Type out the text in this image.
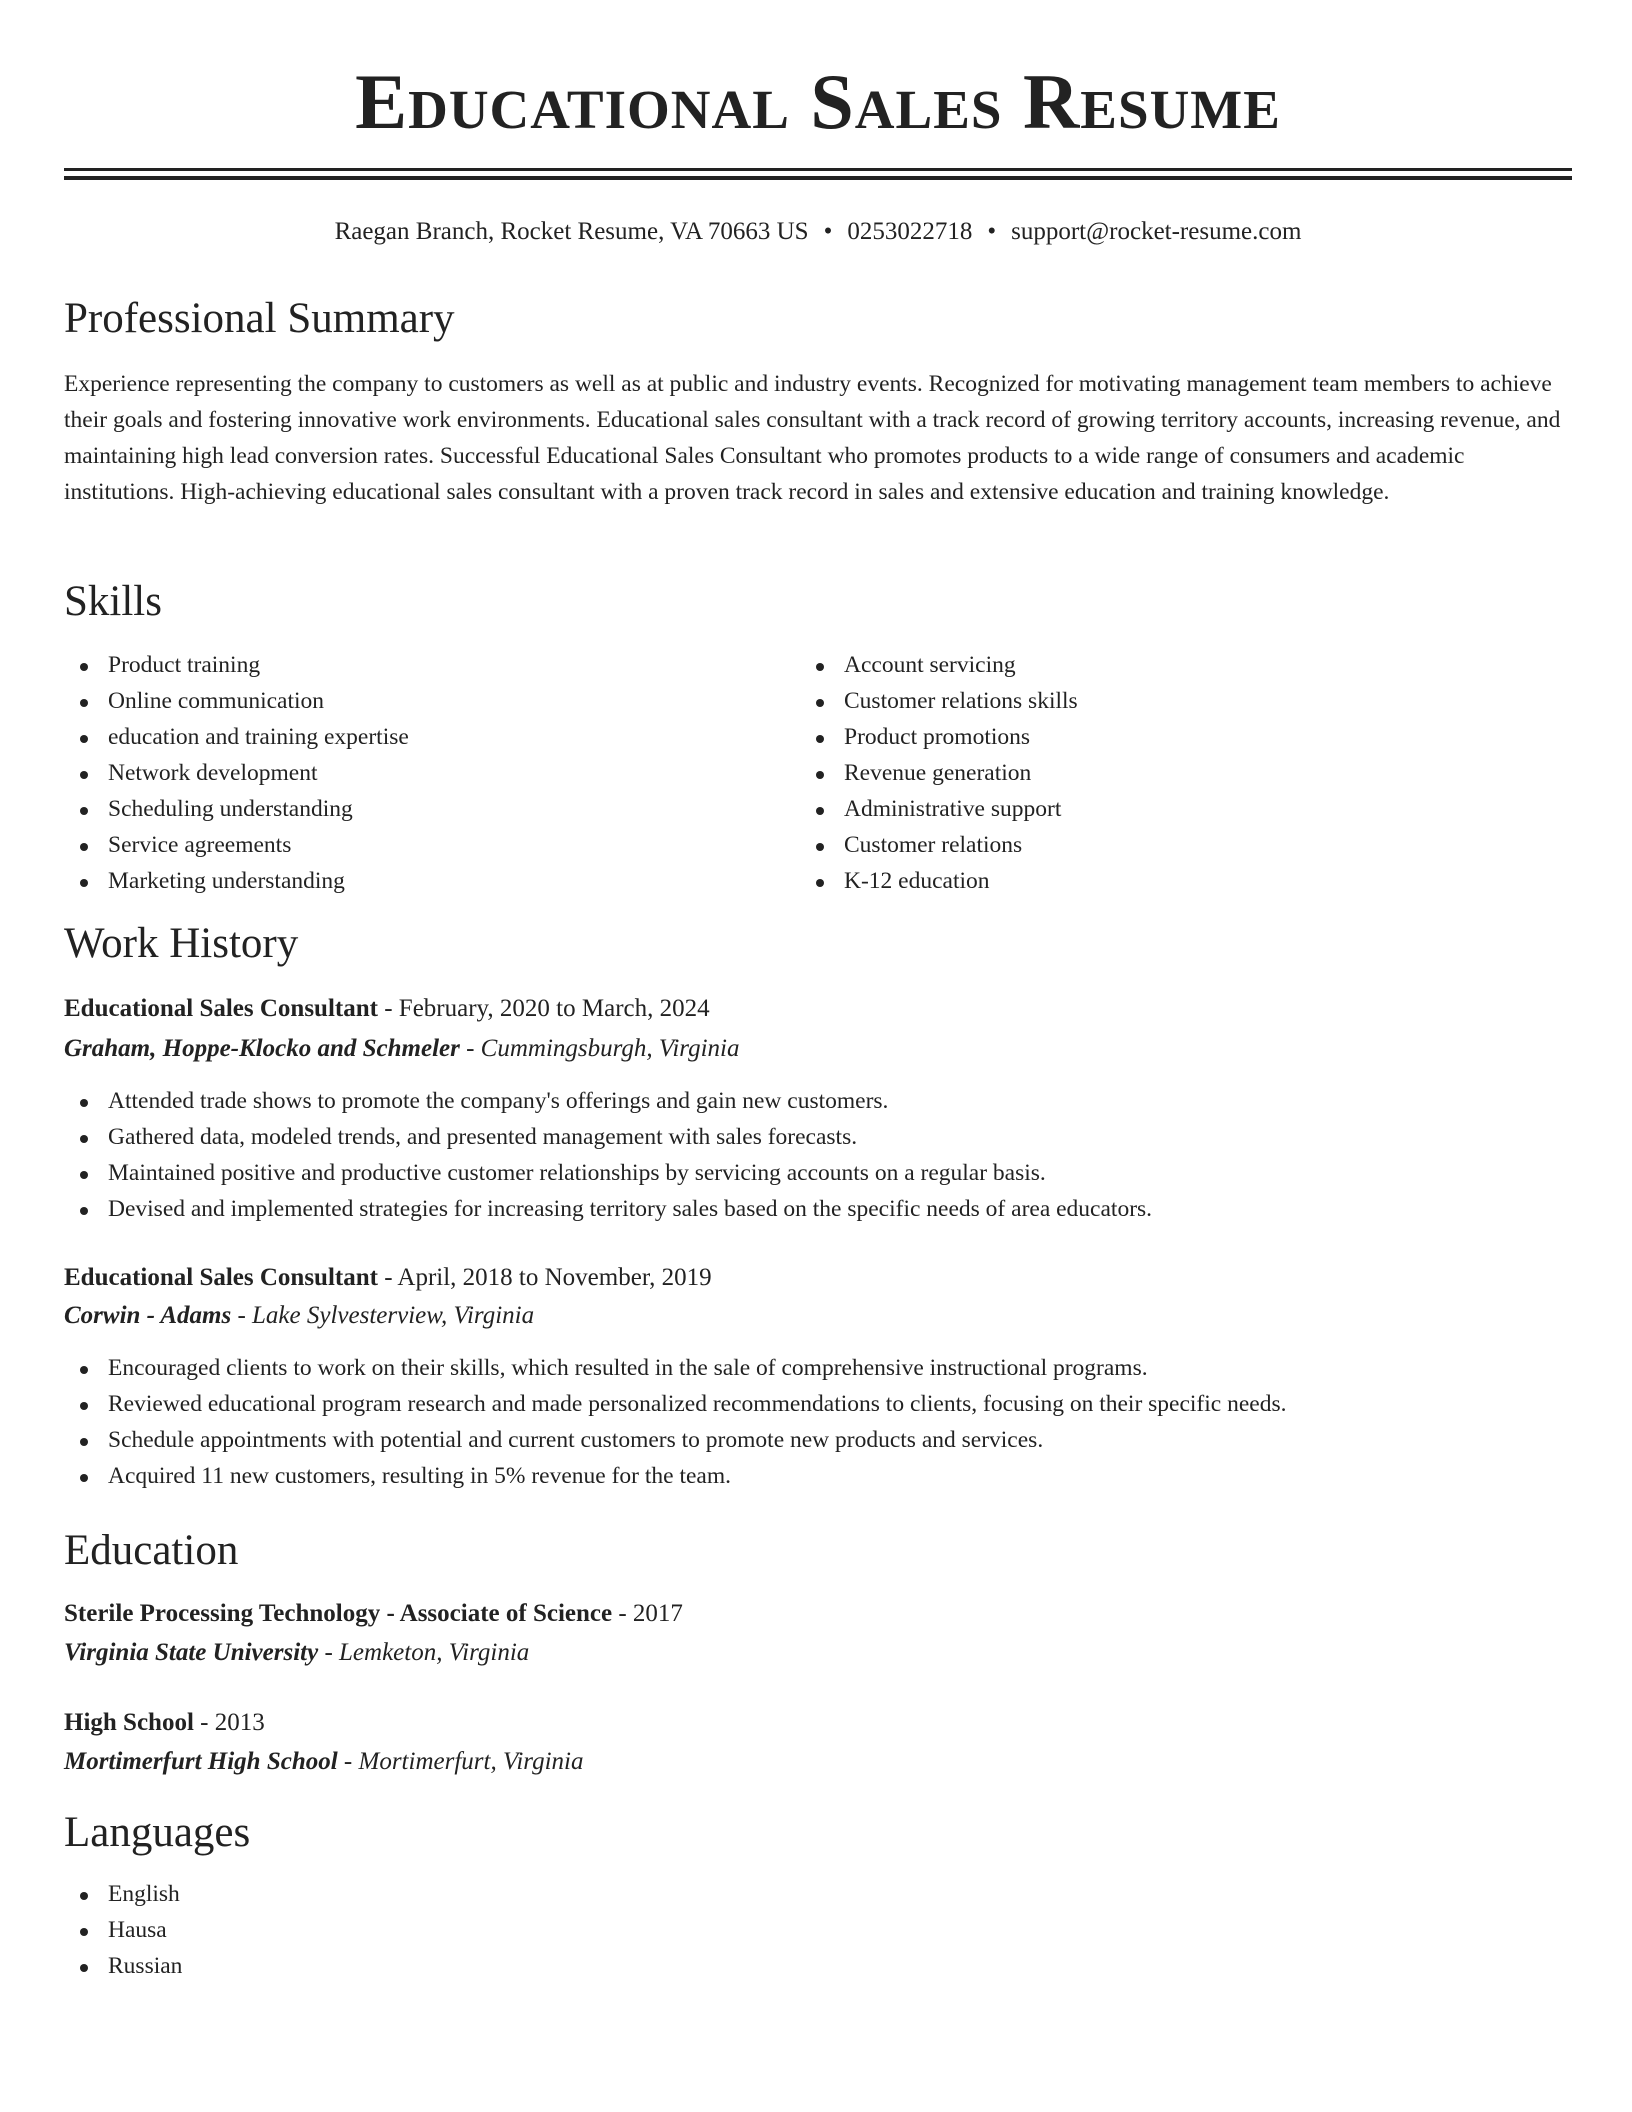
Educational Sales Resume
Raegan Branch, Rocket Resume, VA 70663 US • 0253022718 • support@rocket-resume.com
Professional Summary

Experience representing the company to customers as well as at public and industry events. Recognized for motivating management team members to achieve their goals and fostering innovative work environments. Educational sales consultant with a track record of growing territory accounts, increasing revenue, and maintaining high lead conversion rates. Successful Educational Sales Consultant who promotes products to a wide range of consumers and academic institutions. High-achieving educational sales consultant with a proven track record in sales and extensive education and training knowledge.

Skills
Product training
Online communication
education and training expertise
Network development
Scheduling understanding
Service agreements
Marketing understanding
Account servicing
Customer relations skills
Product promotions
Revenue generation
Administrative support
Customer relations
K-12 education
Work History
Educational Sales Consultant - February, 2020 to March, 2024
Graham, Hoppe-Klocko and Schmeler - Cummingsburgh, Virginia
Attended trade shows to promote the company's offerings and gain new customers.
Gathered data, modeled trends, and presented management with sales forecasts.
Maintained positive and productive customer relationships by servicing accounts on a regular basis.
Devised and implemented strategies for increasing territory sales based on the specific needs of area educators.
Educational Sales Consultant - April, 2018 to November, 2019
Corwin - Adams - Lake Sylvesterview, Virginia
Encouraged clients to work on their skills, which resulted in the sale of comprehensive instructional programs.
Reviewed educational program research and made personalized recommendations to clients, focusing on their specific needs.
Schedule appointments with potential and current customers to promote new products and services.
Acquired 11 new customers, resulting in 5% revenue for the team.
Education
Sterile Processing Technology - Associate of Science - 2017
Virginia State University - Lemketon, Virginia
High School - 2013
Mortimerfurt High School - Mortimerfurt, Virginia
Languages
English
Hausa
Russian
